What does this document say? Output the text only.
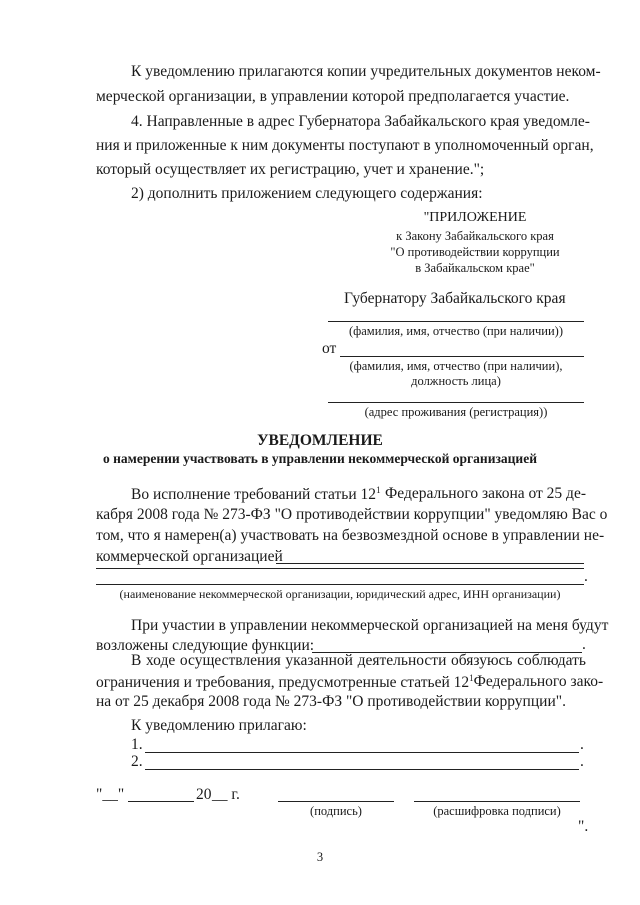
К уведомлению прилагаются копии учредительных документов неком-
мерческой организации, в управлении которой предполагается участие.
4. Направленные в адрес Губернатора Забайкальского края уведомле-
ния и приложенные к ним документы поступают в уполномоченный орган,
который осуществляет их регистрацию, учет и хранение.";
2) дополнить приложением следующего содержания:
"ПРИЛОЖЕНИЕ
к Закону Забайкальского края
"О противодействии коррупции
в Забайкальском крае"
Губернатору Забайкальского края
(фамилия, имя, отчество (при наличии))
от
(фамилия, имя, отчество (при наличии),
должность лица)
(адрес проживания (регистрация))
УВЕДОМЛЕНИЕ
о намерении участвовать в управлении некоммерческой организацией
Во исполнение требований статьи $12^1$ Федерального закона от 25 де-
кабря 2008 года № 273-ФЗ "О противодействии коррупции" уведомляю Вас о
том, что я намерен(а) участвовать на безвозмездной основе в управлении не-
коммерческой организацией
.
(наименование некоммерческой организации, юридический адрес, ИНН организации)
При участии в управлении некоммерческой организацией на меня будут
возложены следующие функции:	.
В ходе осуществления указанной деятельности обязуюсь соблюдать
ограничения и требования, предусмотренные статьей $12^1$ Федерального зако-
на от 25 декабря 2008 года № 273-ФЗ "О противодействии коррупции".
К уведомлению прилагаю:
1.	.
2.	.
"__"	20 __ г.
(подпись)	(расшифровка подписи)
".
3
